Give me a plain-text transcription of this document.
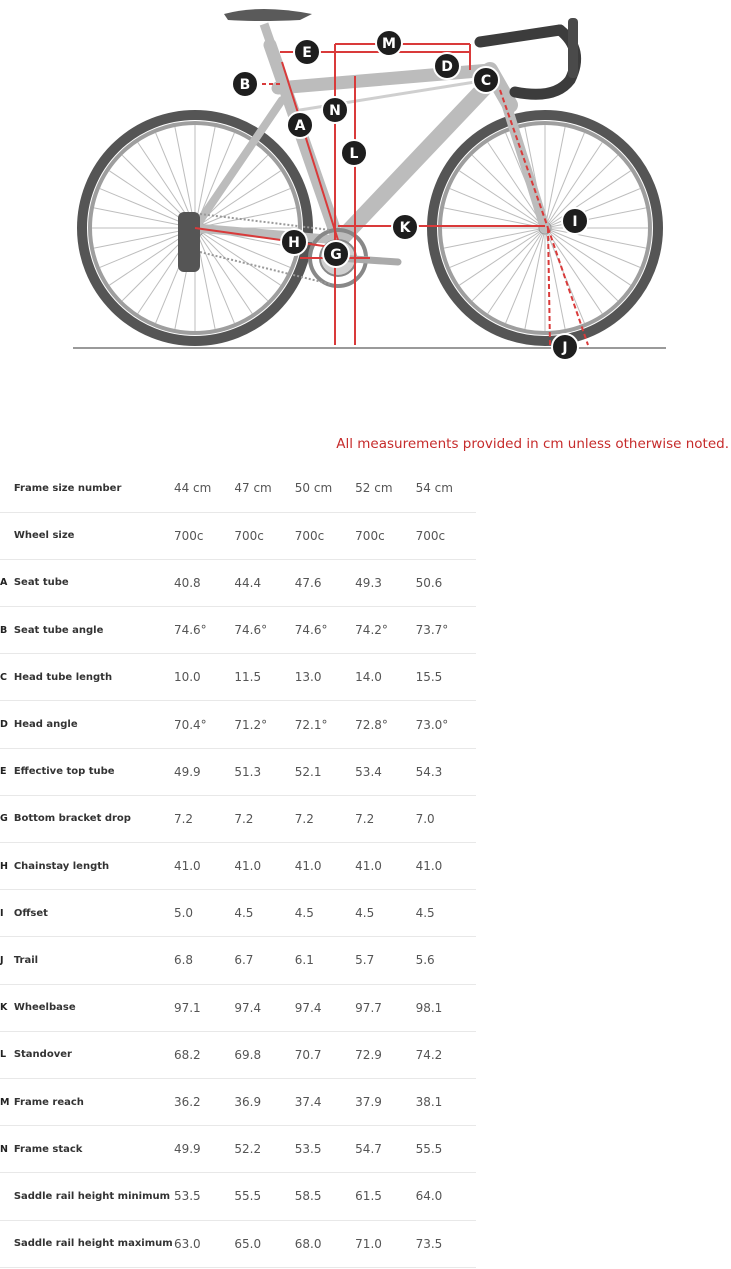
A
B	C
D
E
G
H
I
J
K
L
M
N
All measurements provided in cm unless otherwise noted.
	Frame size number	44 cm	47 cm	50 cm	52 cm	54 cm
	Wheel size	700c	700c	700c	700c	700c
A	Seat tube	40.8	44.4	47.6	49.3	50.6
B	Seat tube angle	74.6°	74.6°	74.6°	74.2°	73.7°
C	Head tube length	10.0	11.5	13.0	14.0	15.5
D	Head angle	70.4°	71.2°	72.1°	72.8°	73.0°
E	Effective top tube	49.9	51.3	52.1	53.4	54.3
G	Bottom bracket drop	7.2	7.2	7.2	7.2	7.0
H	Chainstay length	41.0	41.0	41.0	41.0	41.0
I	Offset	5.0	4.5	4.5	4.5	4.5
J	Trail	6.8	6.7	6.1	5.7	5.6
K	Wheelbase	97.1	97.4	97.4	97.7	98.1
L	Standover	68.2	69.8	70.7	72.9	74.2
M	Frame reach	36.2	36.9	37.4	37.9	38.1
N	Frame stack	49.9	52.2	53.5	54.7	55.5
	Saddle rail height minimum	53.5	55.5	58.5	61.5	64.0
	Saddle rail height maximum	63.0	65.0	68.0	71.0	73.5
